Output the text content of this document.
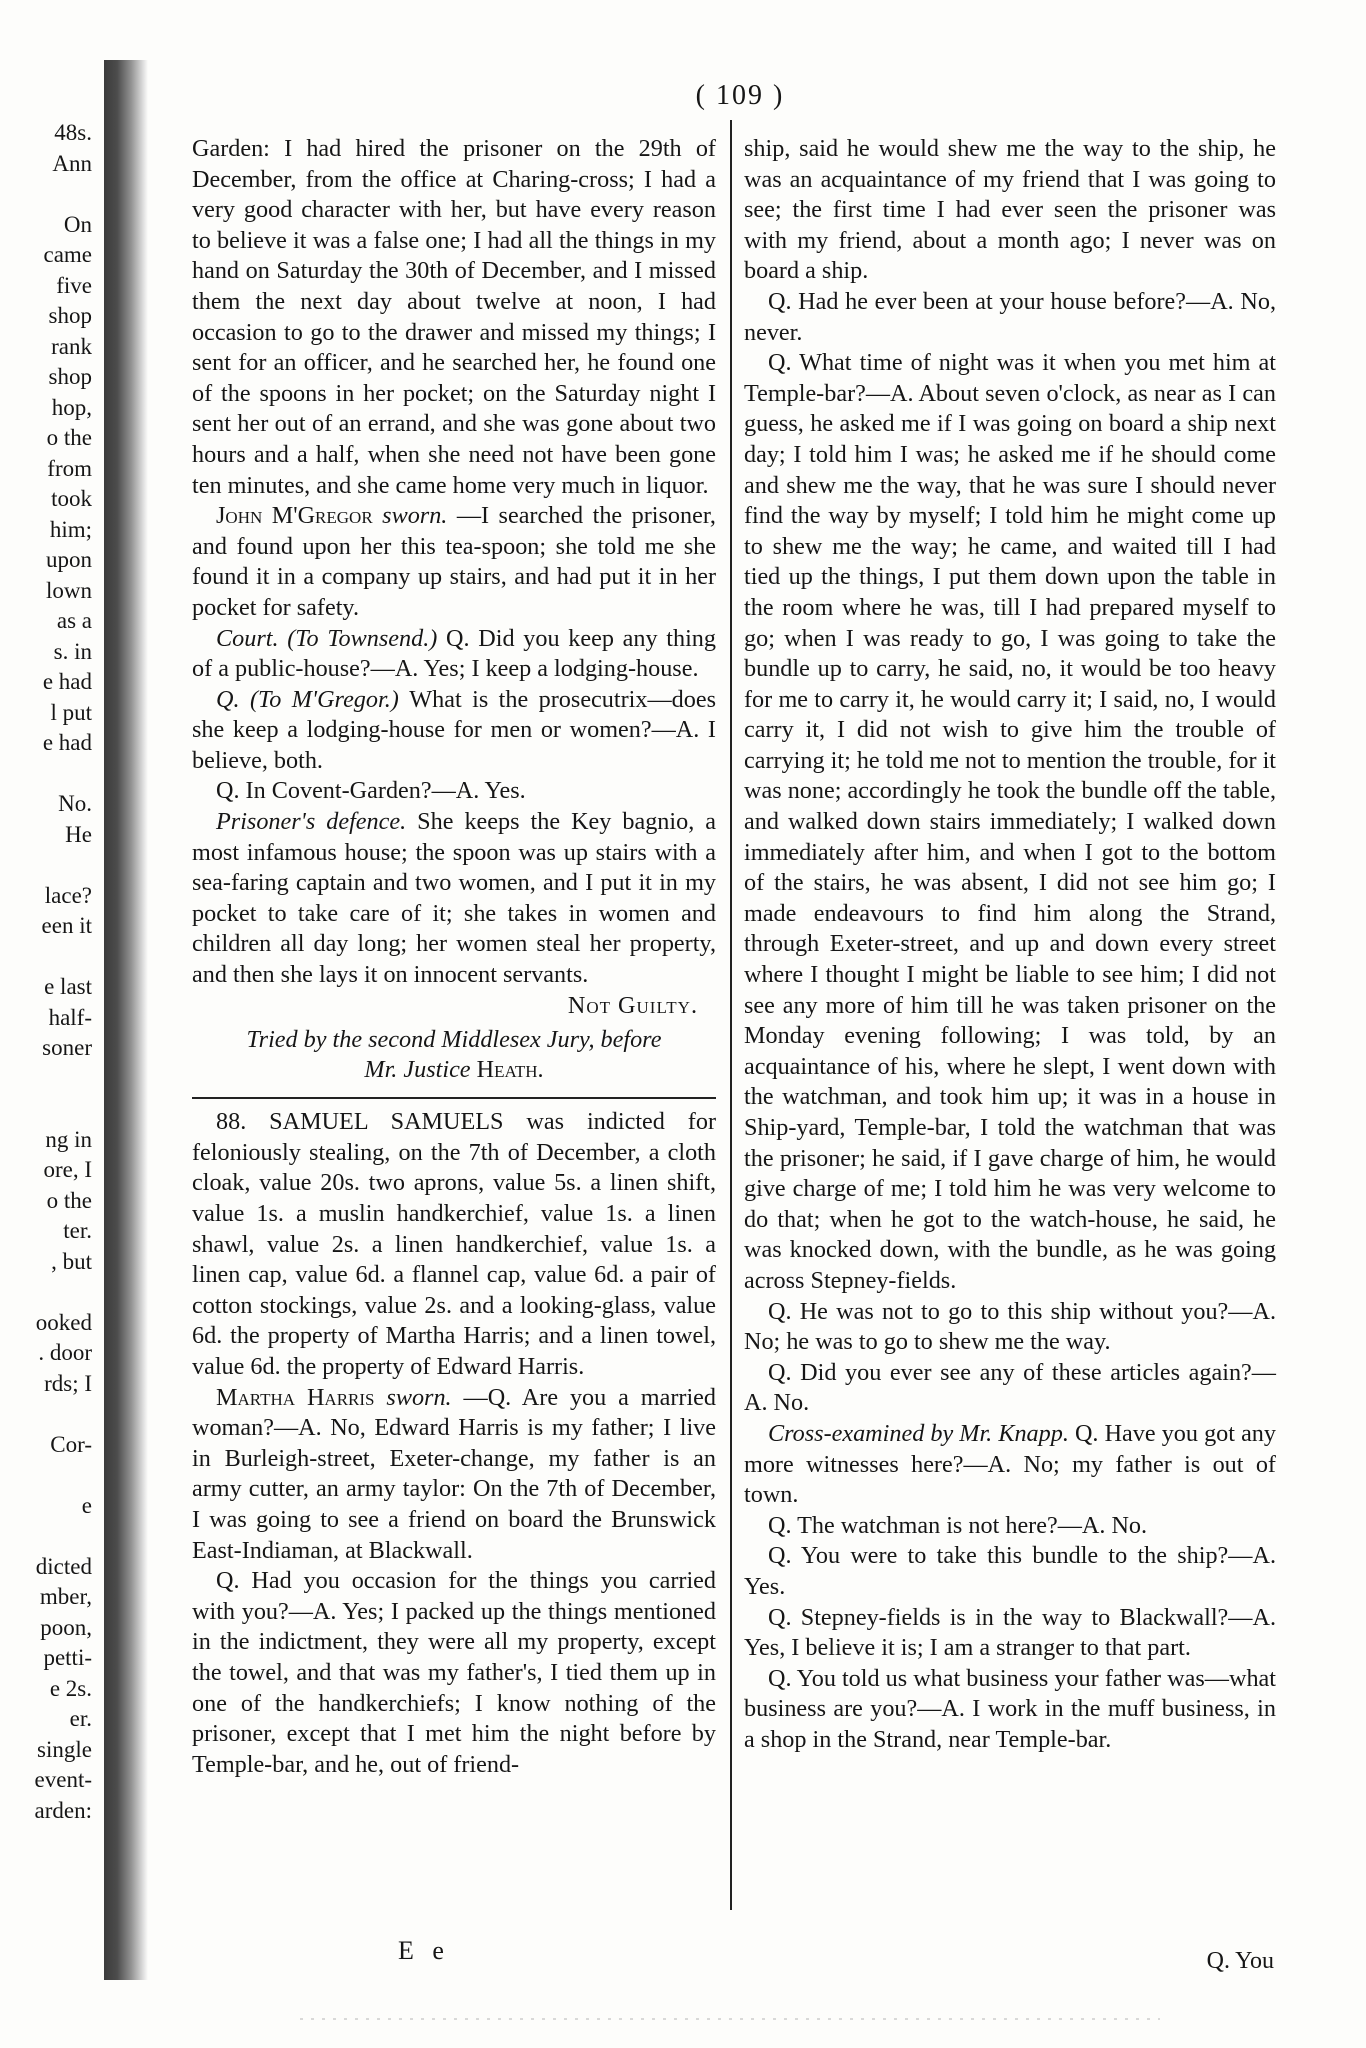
48s.
Ann
On
came
five
shop
rank
shop
hop,
o the
from
took
him;
upon
lown
as a
s. in
e had
l put
e had
No.
He
lace?
een it
e last
half-
soner
ng in
ore, I
o the
ter.
, but
ooked
. door
rds; I
Cor-
e
dicted
mber,
poon,
petti-
e 2s.
er.
single
event-
arden:
( 109 )

Garden: I had hired the prisoner on the 29th of December, from the office at Charing-cross; I had a very good character with her, but have every reason to believe it was a false one; I had all the things in my hand on Saturday the 30th of December, and I missed them the next day about twelve at noon, I had occasion to go to the drawer and missed my things; I sent for an officer, and he searched her, he found one of the spoons in her pocket; on the Saturday night I sent her out of an errand, and she was gone about two hours and a half, when she need not have been gone ten minutes, and she came home very much in liquor.

John M'Gregor sworn. —I searched the prisoner, and found upon her this tea-spoon; she told me she found it in a company up stairs, and had put it in her pocket for safety.

Court. (To Townsend.) Q. Did you keep any thing of a public-house?—A. Yes; I keep a lodging-house.

Q. (To M'Gregor.) What is the prosecutrix—does she keep a lodging-house for men or women?—A. I believe, both.

Q. In Covent-Garden?—A. Yes.

Prisoner's defence. She keeps the Key bagnio, a most infamous house; the spoon was up stairs with a sea-faring captain and two women, and I put it in my pocket to take care of it; she takes in women and children all day long; her women steal her property, and then she lays it on innocent servants.

Not Guilty.

Tried by the second Middlesex Jury, before
Mr. Justice Heath.

88. SAMUEL SAMUELS was indicted for feloniously stealing, on the 7th of December, a cloth cloak, value 20s. two aprons, value 5s. a linen shift, value 1s. a muslin handkerchief, value 1s. a linen shawl, value 2s. a linen handkerchief, value 1s. a linen cap, value 6d. a flannel cap, value 6d. a pair of cotton stockings, value 2s. and a looking-glass, value 6d. the property of Martha Harris; and a linen towel, value 6d. the property of Edward Harris.

Martha Harris sworn. —Q. Are you a married woman?—A. No, Edward Harris is my father; I live in Burleigh-street, Exeter-change, my father is an army cutter, an army taylor: On the 7th of December, I was going to see a friend on board the Brunswick East-Indiaman, at Blackwall.

Q. Had you occasion for the things you carried with you?—A. Yes; I packed up the things mentioned in the indictment, they were all my property, except the towel, and that was my father's, I tied them up in one of the handkerchiefs; I know nothing of the prisoner, except that I met him the night before by Temple-bar, and he, out of friend-

ship, said he would shew me the way to the ship, he was an acquaintance of my friend that I was going to see; the first time I had ever seen the prisoner was with my friend, about a month ago; I never was on board a ship.

Q. Had he ever been at your house before?—A. No, never.

Q. What time of night was it when you met him at Temple-bar?—A. About seven o'clock, as near as I can guess, he asked me if I was going on board a ship next day; I told him I was; he asked me if he should come and shew me the way, that he was sure I should never find the way by myself; I told him he might come up to shew me the way; he came, and waited till I had tied up the things, I put them down upon the table in the room where he was, till I had prepared myself to go; when I was ready to go, I was going to take the bundle up to carry, he said, no, it would be too heavy for me to carry it, he would carry it; I said, no, I would carry it, I did not wish to give him the trouble of carrying it; he told me not to mention the trouble, for it was none; accordingly he took the bundle off the table, and walked down stairs immediately; I walked down immediately after him, and when I got to the bottom of the stairs, he was absent, I did not see him go; I made endeavours to find him along the Strand, through Exeter-street, and up and down every street where I thought I might be liable to see him; I did not see any more of him till he was taken prisoner on the Monday evening following; I was told, by an acquaintance of his, where he slept, I went down with the watchman, and took him up; it was in a house in Ship-yard, Temple-bar, I told the watchman that was the prisoner; he said, if I gave charge of him, he would give charge of me; I told him he was very welcome to do that; when he got to the watch-house, he said, he was knocked down, with the bundle, as he was going across Stepney-fields.

Q. He was not to go to this ship without you?—A. No; he was to go to shew me the way.

Q. Did you ever see any of these articles again?—A. No.

Cross-examined by Mr. Knapp. Q. Have you got any more witnesses here?—A. No; my father is out of town.

Q. The watchman is not here?—A. No.

Q. You were to take this bundle to the ship?—A. Yes.

Q. Stepney-fields is in the way to Blackwall?—A. Yes, I believe it is; I am a stranger to that part.

Q. You told us what business your father was—what business are you?—A. I work in the muff business, in a shop in the Strand, near Temple-bar.

E e	Q. You
